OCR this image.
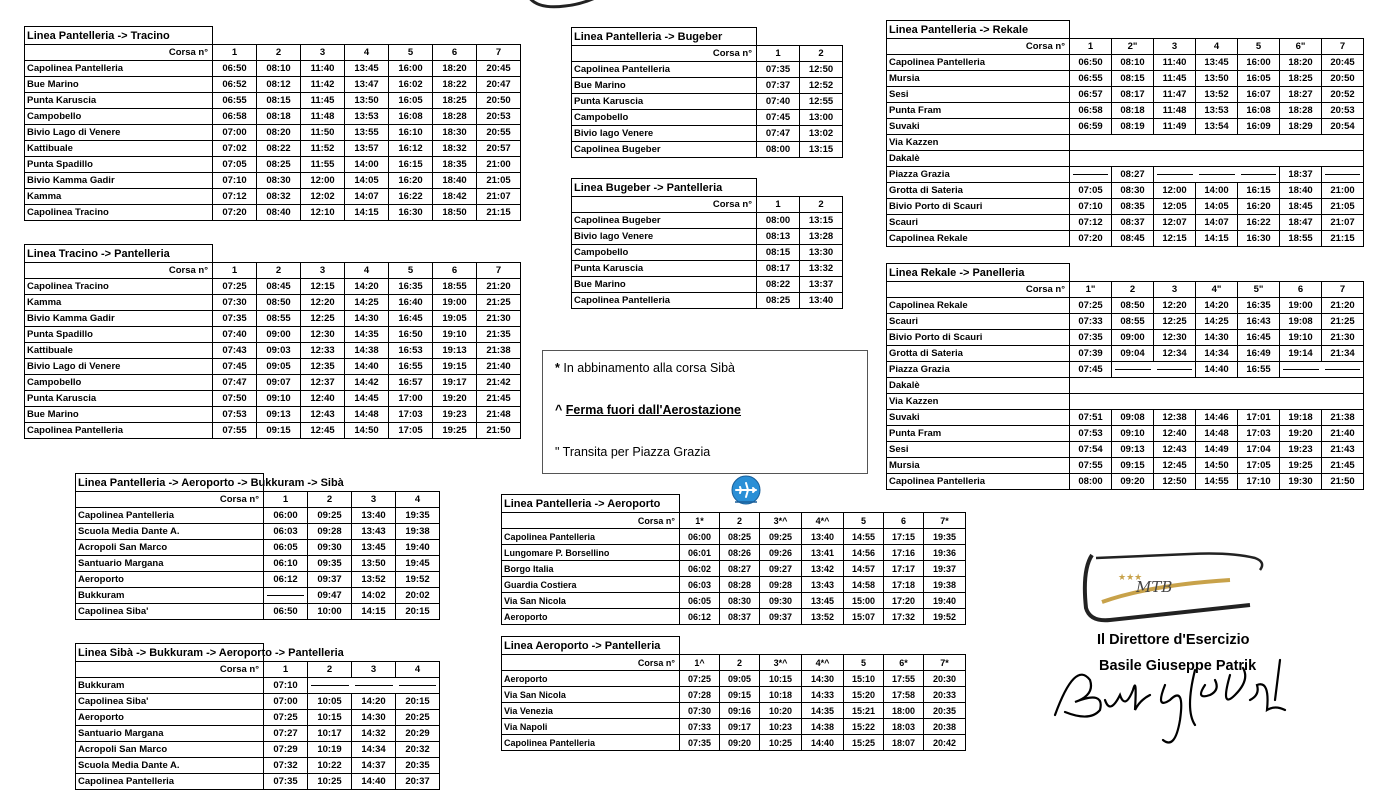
Linea Pantelleria -> Tracino							
Corsa n°	1	2	3	4	5	6	7
Capolinea Pantelleria	06:50	08:10	11:40	13:45	16:00	18:20	20:45
Bue Marino	06:52	08:12	11:42	13:47	16:02	18:22	20:47
Punta Karuscia	06:55	08:15	11:45	13:50	16:05	18:25	20:50
Campobello	06:58	08:18	11:48	13:53	16:08	18:28	20:53
Bivio Lago di Venere	07:00	08:20	11:50	13:55	16:10	18:30	20:55
Kattibuale	07:02	08:22	11:52	13:57	16:12	18:32	20:57
Punta Spadillo	07:05	08:25	11:55	14:00	16:15	18:35	21:00
Bivio Kamma Gadir	07:10	08:30	12:00	14:05	16:20	18:40	21:05
Kamma	07:12	08:32	12:02	14:07	16:22	18:42	21:07
Capolinea Tracino	07:20	08:40	12:10	14:15	16:30	18:50	21:15
Linea Tracino -> Pantelleria							
Corsa n°	1	2	3	4	5	6	7
Capolinea Tracino	07:25	08:45	12:15	14:20	16:35	18:55	21:20
Kamma	07:30	08:50	12:20	14:25	16:40	19:00	21:25
Bivio Kamma Gadir	07:35	08:55	12:25	14:30	16:45	19:05	21:30
Punta Spadillo	07:40	09:00	12:30	14:35	16:50	19:10	21:35
Kattibuale	07:43	09:03	12:33	14:38	16:53	19:13	21:38
Bivio Lago di Venere	07:45	09:05	12:35	14:40	16:55	19:15	21:40
Campobello	07:47	09:07	12:37	14:42	16:57	19:17	21:42
Punta Karuscia	07:50	09:10	12:40	14:45	17:00	19:20	21:45
Bue Marino	07:53	09:13	12:43	14:48	17:03	19:23	21:48
Capolinea Pantelleria	07:55	09:15	12:45	14:50	17:05	19:25	21:50
Linea Pantelleria -> Bugeber		
Corsa n°	1	2
Capolinea Pantelleria	07:35	12:50
Bue Marino	07:37	12:52
Punta Karuscia	07:40	12:55
Campobello	07:45	13:00
Bivio lago Venere	07:47	13:02
Capolinea Bugeber	08:00	13:15
Linea Bugeber -> Pantelleria		
Corsa n°	1	2
Capolinea Bugeber	08:00	13:15
Bivio lago Venere	08:13	13:28
Campobello	08:15	13:30
Punta Karuscia	08:17	13:32
Bue Marino	08:22	13:37
Capolinea Pantelleria	08:25	13:40
Linea Pantelleria -> Rekale							
Corsa n°	1	2"	3	4	5	6"	7
Capolinea Pantelleria	06:50	08:10	11:40	13:45	16:00	18:20	20:45
Mursia	06:55	08:15	11:45	13:50	16:05	18:25	20:50
Sesi	06:57	08:17	11:47	13:52	16:07	18:27	20:52
Punta Fram	06:58	08:18	11:48	13:53	16:08	18:28	20:53
Suvaki	06:59	08:19	11:49	13:54	16:09	18:29	20:54
Via Kazzen							
Dakalè							
Piazza Grazia		08:27				18:37	
Grotta di Sateria	07:05	08:30	12:00	14:00	16:15	18:40	21:00
Bivio Porto di Scauri	07:10	08:35	12:05	14:05	16:20	18:45	21:05
Scauri	07:12	08:37	12:07	14:07	16:22	18:47	21:07
Capolinea Rekale	07:20	08:45	12:15	14:15	16:30	18:55	21:15
Linea Rekale -> Panelleria							
Corsa n°	1"	2	3	4"	5"	6	7
Capolinea Rekale	07:25	08:50	12:20	14:20	16:35	19:00	21:20
Scauri	07:33	08:55	12:25	14:25	16:43	19:08	21:25
Bivio Porto di Scauri	07:35	09:00	12:30	14:30	16:45	19:10	21:30
Grotta di Sateria	07:39	09:04	12:34	14:34	16:49	19:14	21:34
Piazza Grazia	07:45			14:40	16:55		
Dakalè							
Via Kazzen							
Suvaki	07:51	09:08	12:38	14:46	17:01	19:18	21:38
Punta Fram	07:53	09:10	12:40	14:48	17:03	19:20	21:40
Sesi	07:54	09:13	12:43	14:49	17:04	19:23	21:43
Mursia	07:55	09:15	12:45	14:50	17:05	19:25	21:45
Capolinea Pantelleria	08:00	09:20	12:50	14:55	17:10	19:30	21:50
Linea Pantelleria -> Aeroporto -> Bukkuram -> Sibà				
Corsa n°	1	2	3	4
Capolinea Pantelleria	06:00	09:25	13:40	19:35
Scuola Media Dante A.	06:03	09:28	13:43	19:38
Acropoli San Marco	06:05	09:30	13:45	19:40
Santuario Margana	06:10	09:35	13:50	19:45
Aeroporto	06:12	09:37	13:52	19:52
Bukkuram		09:47	14:02	20:02
Capolinea Siba'	06:50	10:00	14:15	20:15
Linea Sibà -> Bukkuram -> Aeroporto -> Pantelleria				
Corsa n°	1	2	3	4
Bukkuram	07:10			
Capolinea Siba'	07:00	10:05	14:20	20:15
Aeroporto	07:25	10:15	14:30	20:25
Santuario Margana	07:27	10:17	14:32	20:29
Acropoli San Marco	07:29	10:19	14:34	20:32
Scuola Media Dante A.	07:32	10:22	14:37	20:35
Capolinea Pantelleria	07:35	10:25	14:40	20:37
Linea Pantelleria -> Aeroporto							
Corsa n°	1*	2	3*^	4*^	5	6	7*
Capolinea Pantelleria	06:00	08:25	09:25	13:40	14:55	17:15	19:35
Lungomare P. Borsellino	06:01	08:26	09:26	13:41	14:56	17:16	19:36
Borgo Italia	06:02	08:27	09:27	13:42	14:57	17:17	19:37
Guardia Costiera	06:03	08:28	09:28	13:43	14:58	17:18	19:38
Via San Nicola	06:05	08:30	09:30	13:45	15:00	17:20	19:40
Aeroporto	06:12	08:37	09:37	13:52	15:07	17:32	19:52
Linea Aeroporto -> Pantelleria							
Corsa n°	1^	2	3*^	4*^	5	6*	7*
Aeroporto	07:25	09:05	10:15	14:30	15:10	17:55	20:30
Via San Nicola	07:28	09:15	10:18	14:33	15:20	17:58	20:33
Via Venezia	07:30	09:16	10:20	14:35	15:21	18:00	20:35
Via Napoli	07:33	09:17	10:23	14:38	15:22	18:03	20:38
Capolinea Pantelleria	07:35	09:20	10:25	14:40	15:25	18:07	20:42
* In abbinamento alla corsa Sibà
^ Ferma fuori dall'Aerostazione
" Transita per Piazza Grazia
MTB
★★★
Il Direttore d'Esercizio
Basile Giuseppe Patrik
